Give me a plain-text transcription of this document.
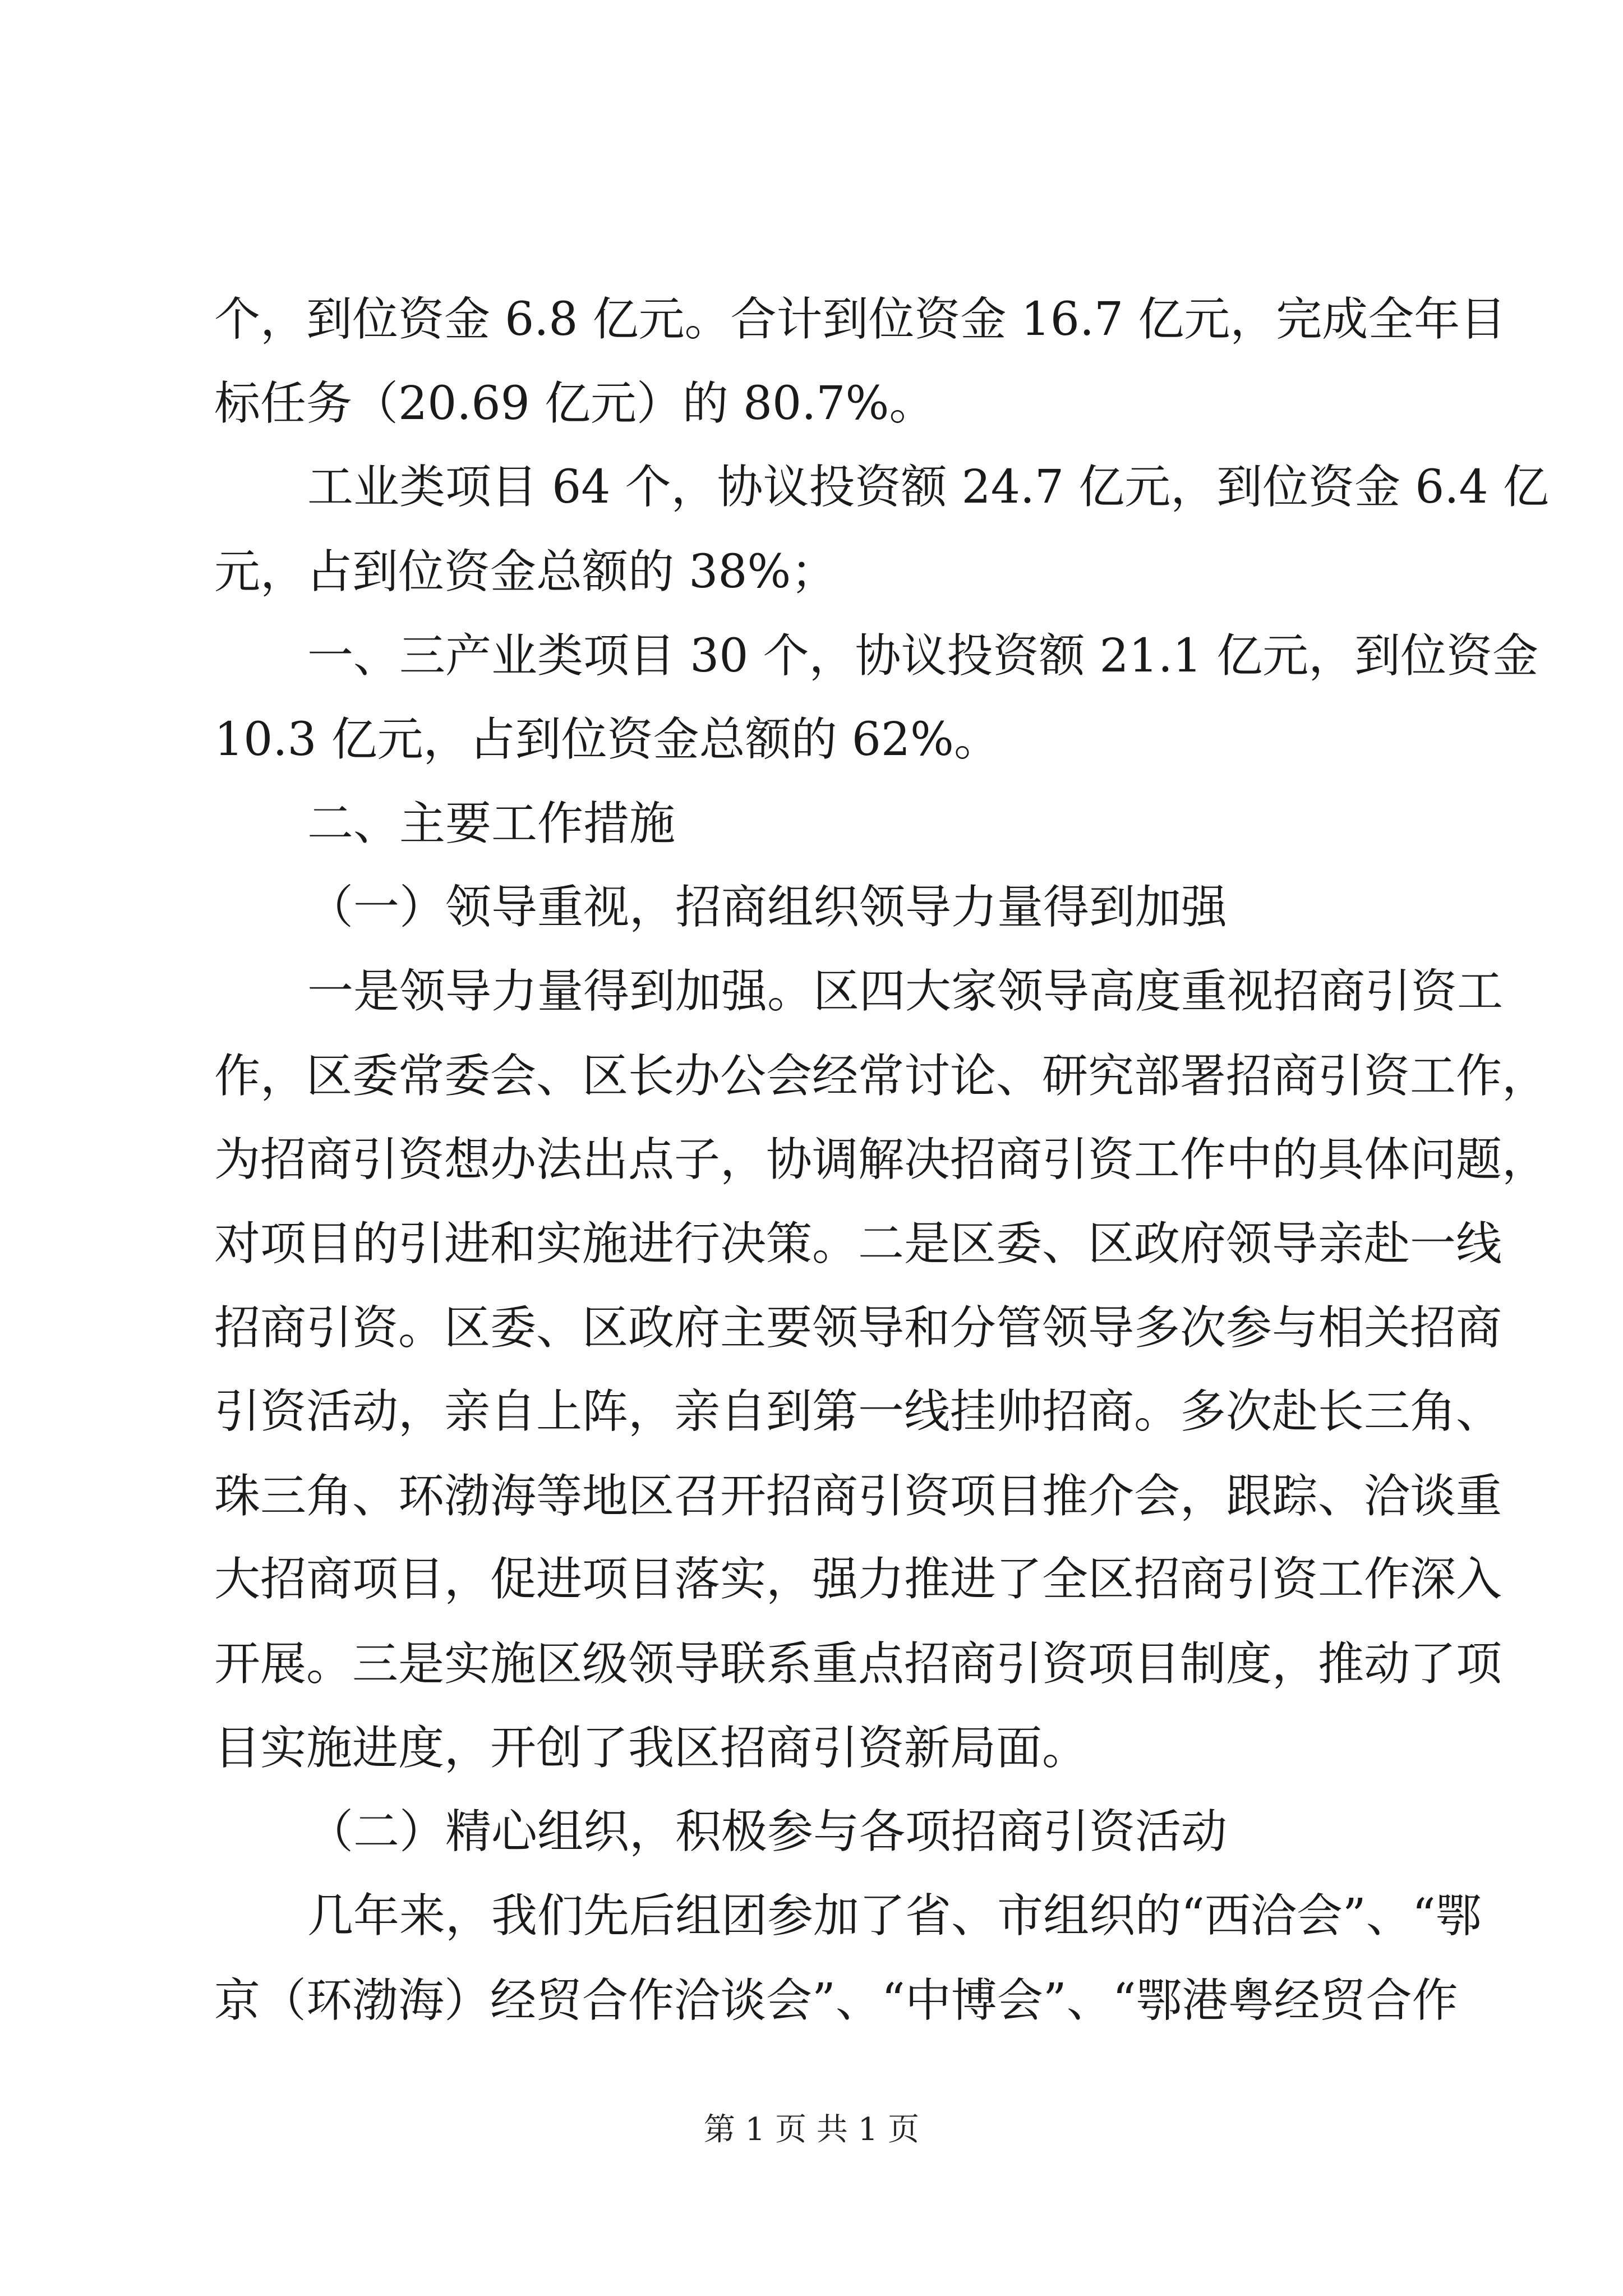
个，到位资金 6.8 亿元。合计到位资金 16.7 亿元，完成全年目
标任务（20.69 亿元）的 80.7%。
工业类项目 64 个，协议投资额 24.7 亿元，到位资金 6.4 亿
元，占到位资金总额的 38%；
一、三产业类项目 30 个，协议投资额 21.1 亿元，到位资金
10.3 亿元，占到位资金总额的 62%。
二、主要工作措施
（一）领导重视，招商组织领导力量得到加强
一是领导力量得到加强。区四大家领导高度重视招商引资工
作，区委常委会、区长办公会经常讨论、研究部署招商引资工作，
为招商引资想办法出点子，协调解决招商引资工作中的具体问题，
对项目的引进和实施进行决策。二是区委、区政府领导亲赴一线
招商引资。区委、区政府主要领导和分管领导多次参与相关招商
引资活动，亲自上阵，亲自到第一线挂帅招商。多次赴长三角、
珠三角、环渤海等地区召开招商引资项目推介会，跟踪、洽谈重
大招商项目，促进项目落实，强力推进了全区招商引资工作深入
开展。三是实施区级领导联系重点招商引资项目制度，推动了项
目实施进度，开创了我区招商引资新局面。
（二）精心组织，积极参与各项招商引资活动
几年来，我们先后组团参加了省、市组织的“西洽会”、“鄂
京（环渤海）经贸合作洽谈会”、“中博会”、“鄂港粤经贸合作
第 1 页 共 1 页
